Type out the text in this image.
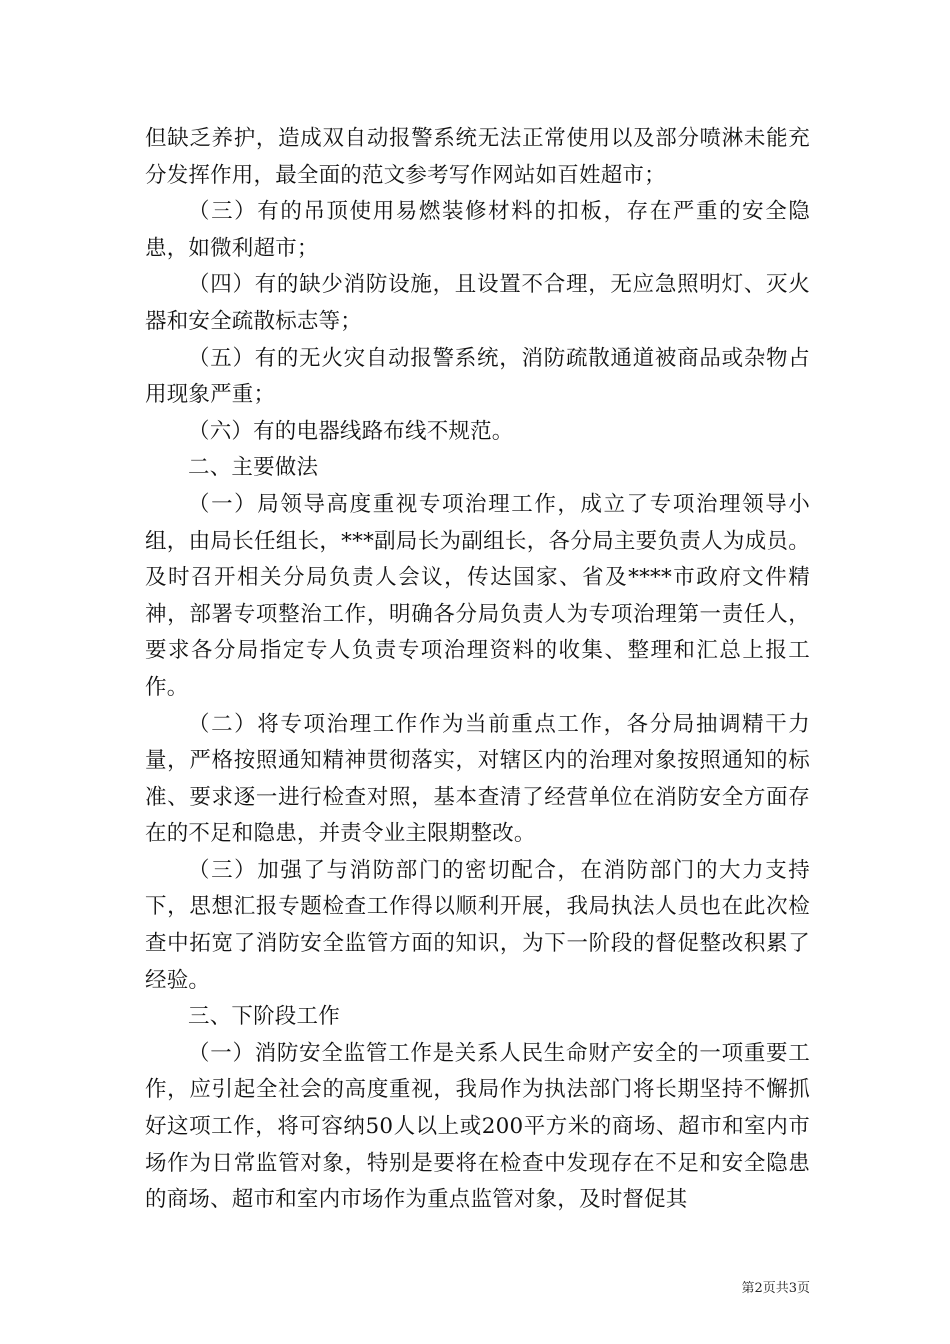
但缺乏养护，造成双自动报警系统无法正常使用以及部分喷淋未能充分发挥作用，最全面的范文参考写作网站如百姓超市；

（三）有的吊顶使用易燃装修材料的扣板，存在严重的安全隐患，如微利超市；

（四）有的缺少消防设施，且设置不合理，无应急照明灯、灭火器和安全疏散标志等；

（五）有的无火灾自动报警系统，消防疏散通道被商品或杂物占用现象严重；

（六）有的电器线路布线不规范。

二、主要做法

（一）局领导高度重视专项治理工作，成立了专项治理领导小组，由局长任组长，***副局长为副组长，各分局主要负责人为成员。及时召开相关分局负责人会议，传达国家、省及****市政府文件精神，部署专项整治工作，明确各分局负责人为专项治理第一责任人，要求各分局指定专人负责专项治理资料的收集、整理和汇总上报工作。

（二）将专项治理工作作为当前重点工作，各分局抽调精干力量，严格按照通知精神贯彻落实，对辖区内的治理对象按照通知的标准、要求逐一进行检查对照，基本查清了经营单位在消防安全方面存在的不足和隐患，并责令业主限期整改。

（三）加强了与消防部门的密切配合，在消防部门的大力支持下，思想汇报专题检查工作得以顺利开展，我局执法人员也在此次检查中拓宽了消防安全监管方面的知识，为下一阶段的督促整改积累了经验。

三、下阶段工作

（一）消防安全监管工作是关系人民生命财产安全的一项重要工作，应引起全社会的高度重视，我局作为执法部门将长期坚持不懈抓好这项工作，将可容纳50人以上或200平方米的商场、超市和室内市场作为日常监管对象，特别是要将在检查中发现存在不足和安全隐患的商场、超市和室内市场作为重点监管对象，及时督促其

第2页共3页
